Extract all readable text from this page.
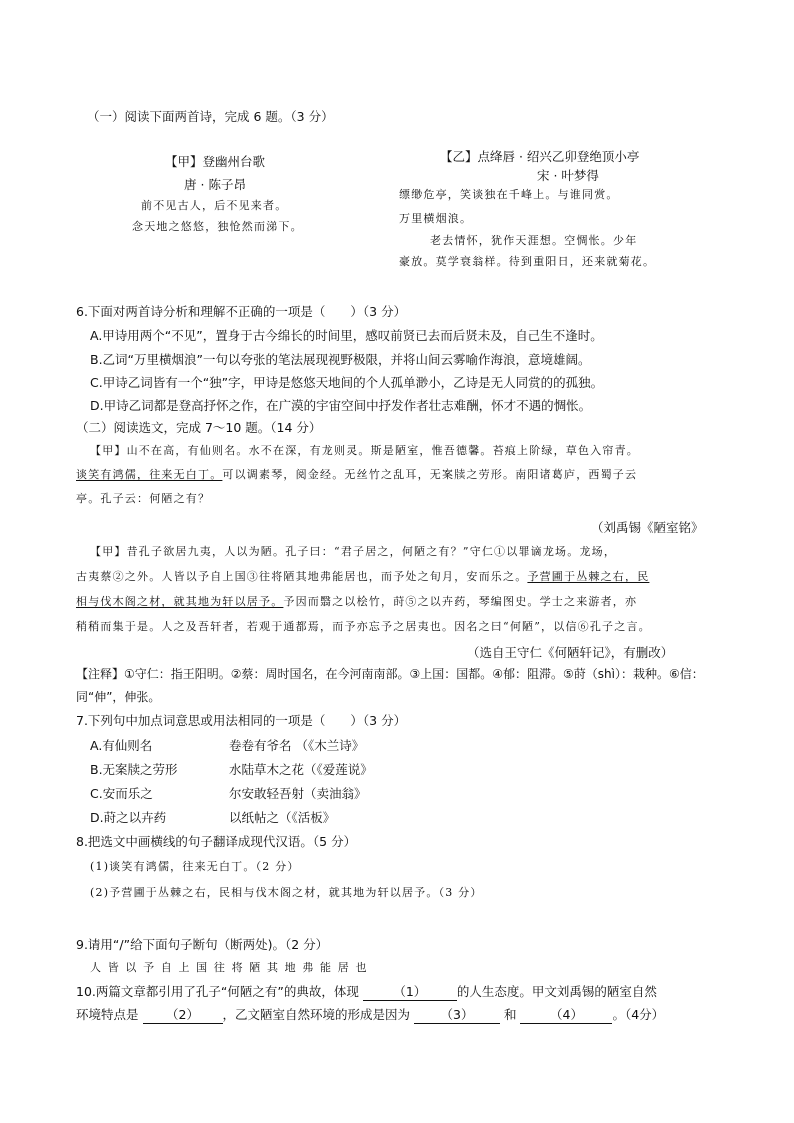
（一）阅读下面两首诗，完成 6 题。（3 分）
【甲】登幽州台歌
唐 · 陈子昂
前不见古人，后不见来者。
念天地之悠悠，独怆然而涕下。
【乙】点绛唇 · 绍兴乙卯登绝顶小亭
宋 · 叶梦得
缥缈危亭，笑谈独在千峰上。与谁同赏。
万里横烟浪。
老去情怀，犹作天涯想。空惆怅。少年
豪放。莫学衰翁样。待到重阳日，还来就菊花。
6.下面对两首诗分析和理解不正确的一项是（　　）（3 分）
A.甲诗用两个“不见”，置身于古今绵长的时间里，感叹前贤已去而后贤未及，自己生不逢时。
B.乙词“万里横烟浪”一句以夸张的笔法展现视野极限，并将山间云雾喻作海浪，意境雄阔。
C.甲诗乙词皆有一个“独”字，甲诗是悠悠天地间的个人孤单渺小，乙诗是无人同赏的的孤独。
D.甲诗乙词都是登高抒怀之作，在广漠的宇宙空间中抒发作者壮志难酬，怀才不遇的惆怅。
（二）阅读选文，完成 7～10 题。（14 分）
【甲】山不在高，有仙则名。水不在深，有龙则灵。斯是陋室，惟吾德馨。苔痕上阶绿，草色入帘青。
谈笑有鸿儒，往来无白丁。可以调素琴，阅金经。无丝竹之乱耳，无案牍之劳形。南阳诸葛庐，西蜀子云
亭。孔子云：何陋之有？
（刘禹锡《陋室铭》
【甲】昔孔子欲居九夷，人以为陋。孔子曰：“君子居之，何陋之有？”守仁①以罪谪龙场。龙场，
古夷蔡②之外。人皆以予自上国③往将陋其地弗能居也，而予处之旬月，安而乐之。予营圃于丛棘之右，民
相与伐木阁之材，就其地为轩以居予。予因而翳之以桧竹，莳⑤之以卉药，琴编图史。学士之来游者，亦
稍稍而集于是。人之及吾轩者，若观于通都焉，而予亦忘予之居夷也。因名之曰“何陋”，以信⑥孔子之言。
（选自王守仁《何陋轩记》，有删改）
【注释】①守仁：指王阳明。②蔡：周时国名，在今河南南部。③上国：国都。④郁：阻滞。⑤莳（shì）：栽种。⑥信：
同“伸”，伸张。
7.下列句中加点词意思或用法相同的一项是（　　）（3 分）
A.有仙则名	卷卷有爷名 （《木兰诗》
B.无案牍之劳形	水陆草木之花（《爱莲说》
C.安而乐之	尔安敢轻吾射（卖油翁》
D.莳之以卉药	以纸帖之（《活板》
8.把选文中画横线的句子翻译成现代汉语。（5 分）
(1)谈笑有鸿儒，往来无白丁。（2 分）
(2)予营圃于丛棘之右，民相与伐木阁之材，就其地为轩以居予。（3 分）
9.请用“/”给下面句子断句（断两处)。（2 分）
人 皆 以 予 自 上 国 往 将 陋 其 地 弗 能 居 也
10.两篇文章都引用了孔子“何陋之有”的典故，体现	（1） 的人生态度。甲文刘禹锡的陋室自然
环境特点是 （2） ，乙文陋室自然环境的形成是因为 （3） 和	（4） 。（4分）
